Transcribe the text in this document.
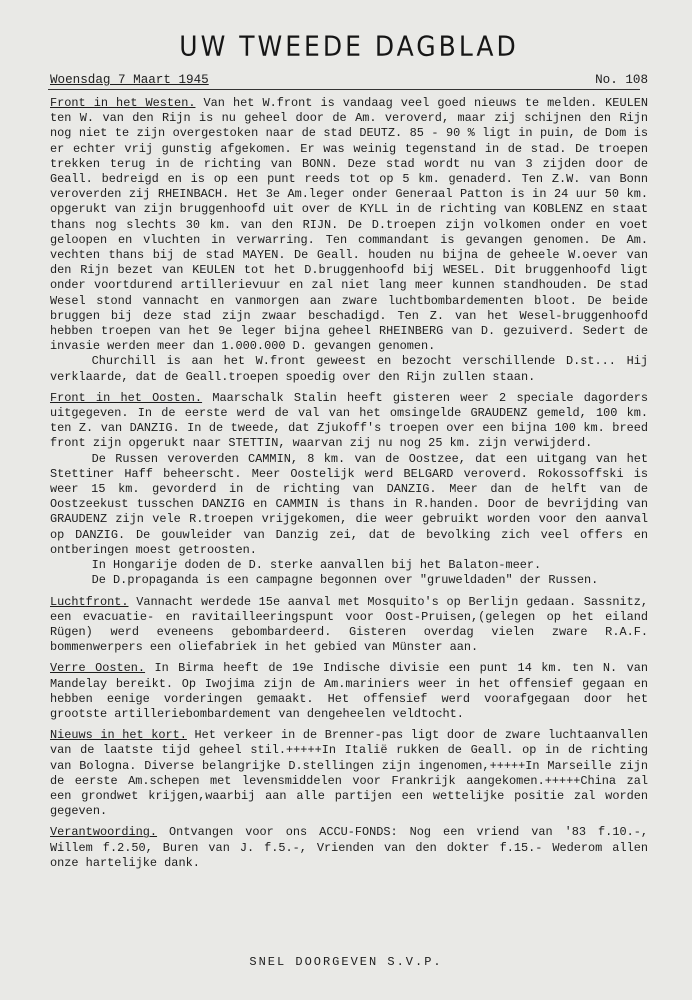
UW TWEEDE DAGBLAD
Woensdag 7 Maart 1945	No. 108

Front in het Westen. Van het W.front is vandaag veel goed nieuws te melden. KEULEN ten W. van den Rijn is nu geheel door de Am. veroverd, maar zij schijnen den Rijn nog niet te zijn overgestoken naar de stad DEUTZ. 85 - 90 % ligt in puin, de Dom is er echter vrij gunstig afgekomen. Er was weinig tegenstand in de stad. De troepen trekken terug in de richting van BONN. Deze stad wordt nu van 3 zijden door de Geall. bedreigd en is op een punt reeds tot op 5 km. genaderd. Ten Z.W. van Bonn veroverden zij RHEINBACH. Het 3e Am.leger onder Generaal Patton is in 24 uur 50 km. opgerukt van zijn bruggenhoofd uit over de KYLL in de richting van KOBLENZ en staat thans nog slechts 30 km. van den RIJN. De D.troepen zijn volkomen onder en voet geloopen en vluchten in verwarring. Ten commandant is gevangen genomen. De Am. vechten thans bij de stad MAYEN. De Geall. houden nu bijna de geheele W.oever van den Rijn bezet van KEULEN tot het D.bruggenhoofd bij WESEL. Dit bruggenhoofd ligt onder voortdurend artillerievuur en zal niet lang meer kunnen standhouden. De stad Wesel stond vannacht en vanmorgen aan zware luchtbombardementen bloot. De beide bruggen bij deze stad zijn zwaar beschadigd. Ten Z. van het Wesel-bruggenhoofd hebben troepen van het 9e leger bijna geheel RHEINBERG van D. gezuiverd. Sedert de invasie werden meer dan 1.000.000 D. gevangen genomen.

Churchill is aan het W.front geweest en bezocht verschillende D.st... Hij verklaarde, dat de Geall.troepen spoedig over den Rijn zullen staan.

Front in het Oosten. Maarschalk Stalin heeft gisteren weer 2 speciale dagorders uitgegeven. In de eerste werd de val van het omsingelde GRAUDENZ gemeld, 100 km. ten Z. van DANZIG. In de tweede, dat Zjukoff's troepen over een bijna 100 km. breed front zijn opgerukt naar STETTIN, waarvan zij nu nog 25 km. zijn verwijderd.

De Russen veroverden CAMMIN, 8 km. van de Oostzee, dat een uitgang van het Stettiner Haff beheerscht. Meer Oostelijk werd BELGARD veroverd. Rokossoffski is weer 15 km. gevorderd in de richting van DANZIG. Meer dan de helft van de Oostzeekust tusschen DANZIG en CAMMIN is thans in R.handen. Door de bevrijding van GRAUDENZ zijn vele R.troepen vrijgekomen, die weer gebruikt worden voor den aanval op DANZIG. De gouwleider van Danzig zei, dat de bevolking zich veel offers en ontberingen moest getroosten.

In Hongarije doden de D. sterke aanvallen bij het Balaton-meer.

De D.propaganda is een campagne begonnen over "gruweldaden" der Russen.

Luchtfront. Vannacht werdede 15e aanval met Mosquito's op Berlijn gedaan. Sassnitz, een evacuatie- en ravitailleeringspunt voor Oost-Pruisen,(gelegen op het eiland Rügen) werd eveneens gebombardeerd. Gisteren overdag vielen zware R.A.F. bommenwerpers een oliefabriek in het gebied van Münster aan.

Verre Oosten. In Birma heeft de 19e Indische divisie een punt 14 km. ten N. van Mandelay bereikt. Op Iwojima zijn de Am.mariniers weer in het offensief gegaan en hebben eenige vorderingen gemaakt. Het offensief werd voorafgegaan door het grootste artilleriebombardement van dengeheelen veldtocht.

Nieuws in het kort. Het verkeer in de Brenner-pas ligt door de zware luchtaanvallen van de laatste tijd geheel stil.+++++In Italië rukken de Geall. op in de richting van Bologna. Diverse belangrijke D.stellingen zijn ingenomen,+++++In Marseille zijn de eerste Am.schepen met levensmiddelen voor Frankrijk aangekomen.+++++China zal een grondwet krijgen,waarbij aan alle partijen een wettelijke positie zal worden gegeven.

Verantwoording. Ontvangen voor ons ACCU-FONDS: Nog een vriend van '83 f.10.-, Willem f.2.50, Buren van J. f.5.-, Vrienden van den dokter f.15.- Wederom allen onze hartelijke dank.

SNEL DOORGEVEN S.V.P.
